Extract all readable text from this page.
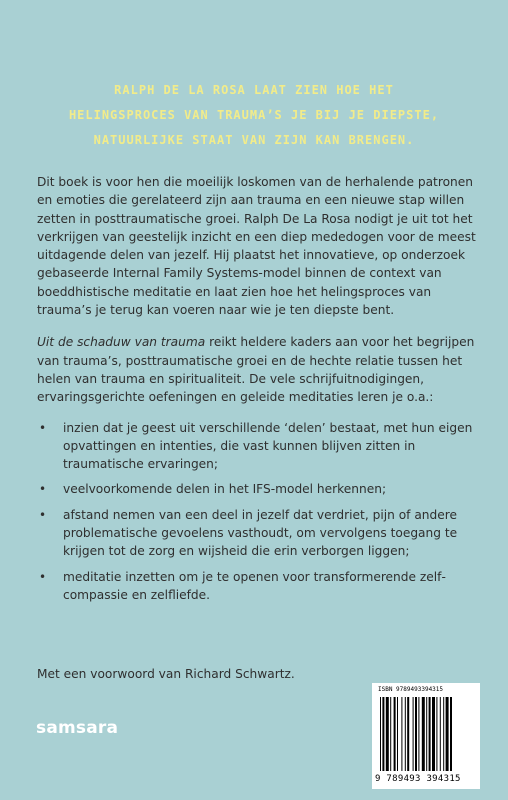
RALPH DE LA ROSA LAAT ZIEN HOE HET
HELINGSPROCES VAN TRAUMA’S JE BIJ JE DIEPSTE,
NATUURLIJKE STAAT VAN ZIJN KAN BRENGEN.

Dit boek is voor hen die moeilijk loskomen van de herhalende patronen en emoties die gerelateerd zijn aan trauma en een nieuwe stap willen zetten in posttraumatische groei. Ralph De La Rosa nodigt je uit tot het verkrijgen van geestelijk inzicht en een diep mededogen voor de meest uitdagende delen van jezelf. Hij plaatst het innovatieve, op onderzoek gebaseerde Internal Family Systems-model binnen de context van boeddhistische meditatie en laat zien hoe het helingsproces van trauma’s je terug kan voeren naar wie je ten diepste bent.

Uit de schaduw van trauma reikt heldere kaders aan voor het begrijpen van trauma’s, posttraumatische groei en de hechte relatie tussen het helen van trauma en spiritualiteit. De vele schrijfuitnodigingen, ervaringsgerichte oefeningen en geleide meditaties leren je o.a.:

• inzien dat je geest uit verschillende ‘delen’ bestaat, met hun eigen opvattingen en intenties, die vast kunnen blijven zitten in traumatische ervaringen;
• veelvoorkomende delen in het IFS-model herkennen;
• afstand nemen van een deel in jezelf dat verdriet, pijn of andere problematische gevoelens vasthoudt, om vervolgens toegang te krijgen tot de zorg en wijsheid die erin verborgen liggen;
• meditatie inzetten om je te openen voor transformerende zelfcompassie en zelfliefde.
Met een voorwoord van Richard Schwartz.
samsara
ISBN 9789493394315
9 789493 394315
